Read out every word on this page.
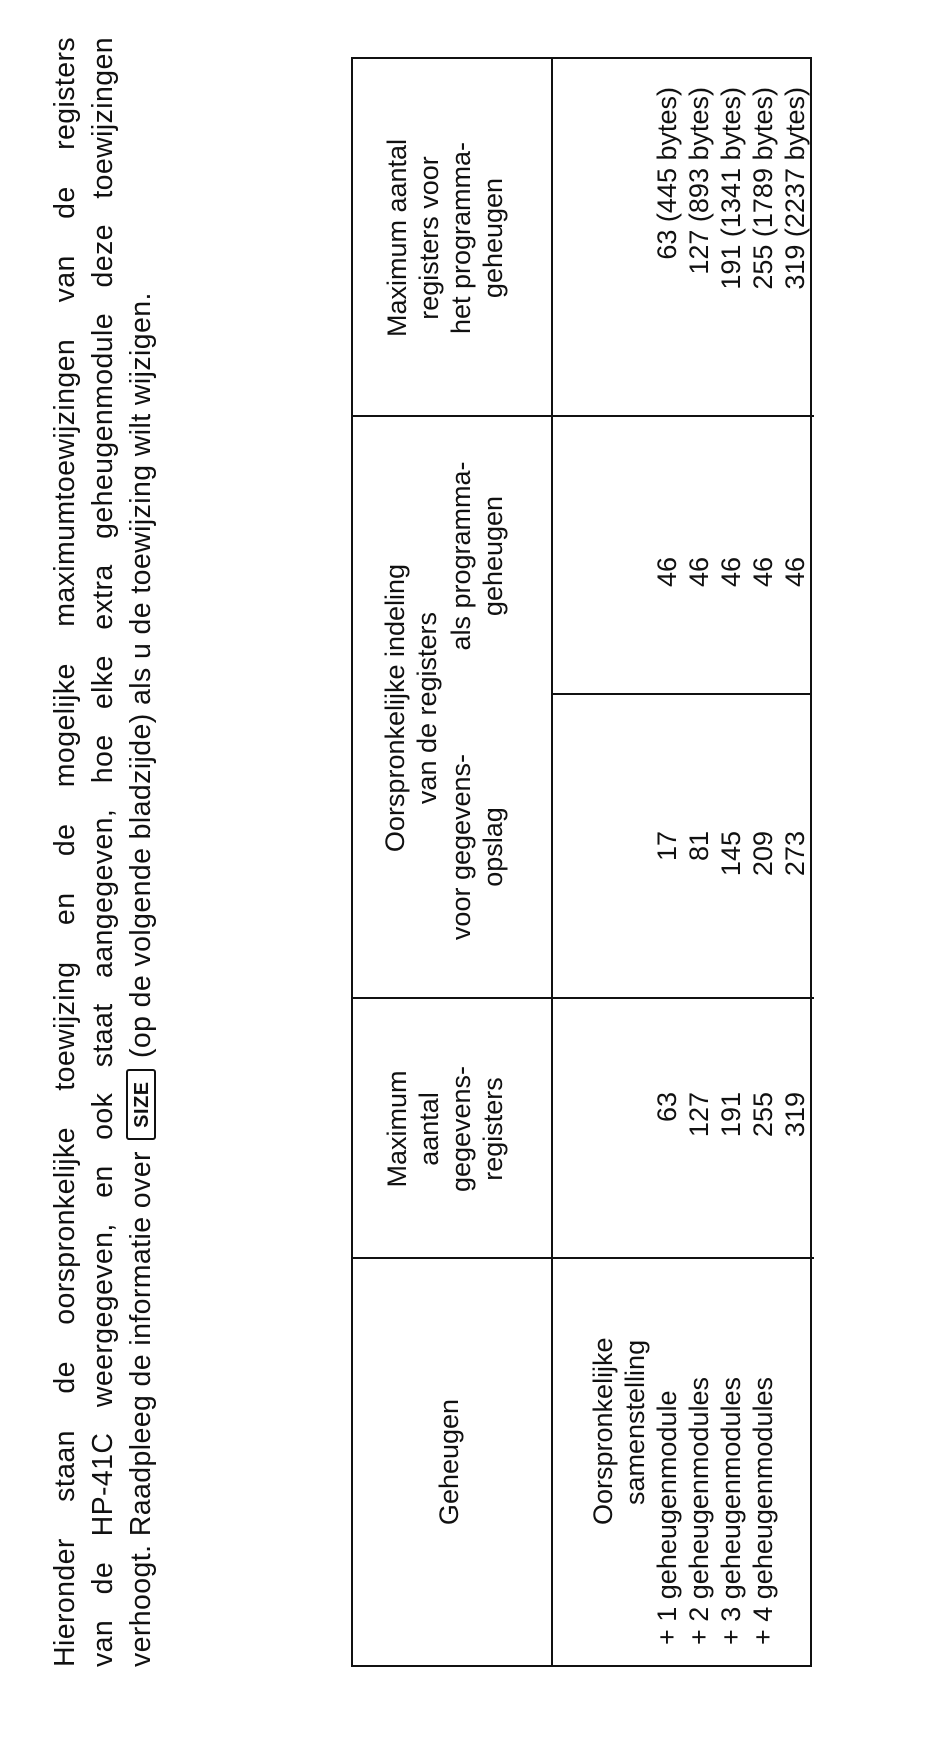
Hieronder staan de oorspronkelijke toewijzing en de mogelijke maximumtoewijzingen van de registers van de HP-41C weergegeven, en ook staat aangegeven, hoe elke extra geheugenmodule deze toewijzingen verhoogt. Raadpleeg de informatie over SIZE (op de volgende bladzijde) als u de toewijzing wilt wijzigen.
Geheugen
Maximum aantal gegevens- registers
Oorspronkelijke indeling van de registers
voor gegevens- opslag
als programma- geheugen
Maximum aantal registers voor het programma- geheugen
Oorspronkelijke samenstelling + 1 geheugenmodule + 2 geheugenmodules + 3 geheugenmodules + 4 geheugenmodules
63 127 191 255 319
17 81 145 209 273
46 46 46 46 46
63 (445 bytes) 127 (893 bytes) 191 (1341 bytes) 255 (1789 bytes) 319 (2237 bytes)
